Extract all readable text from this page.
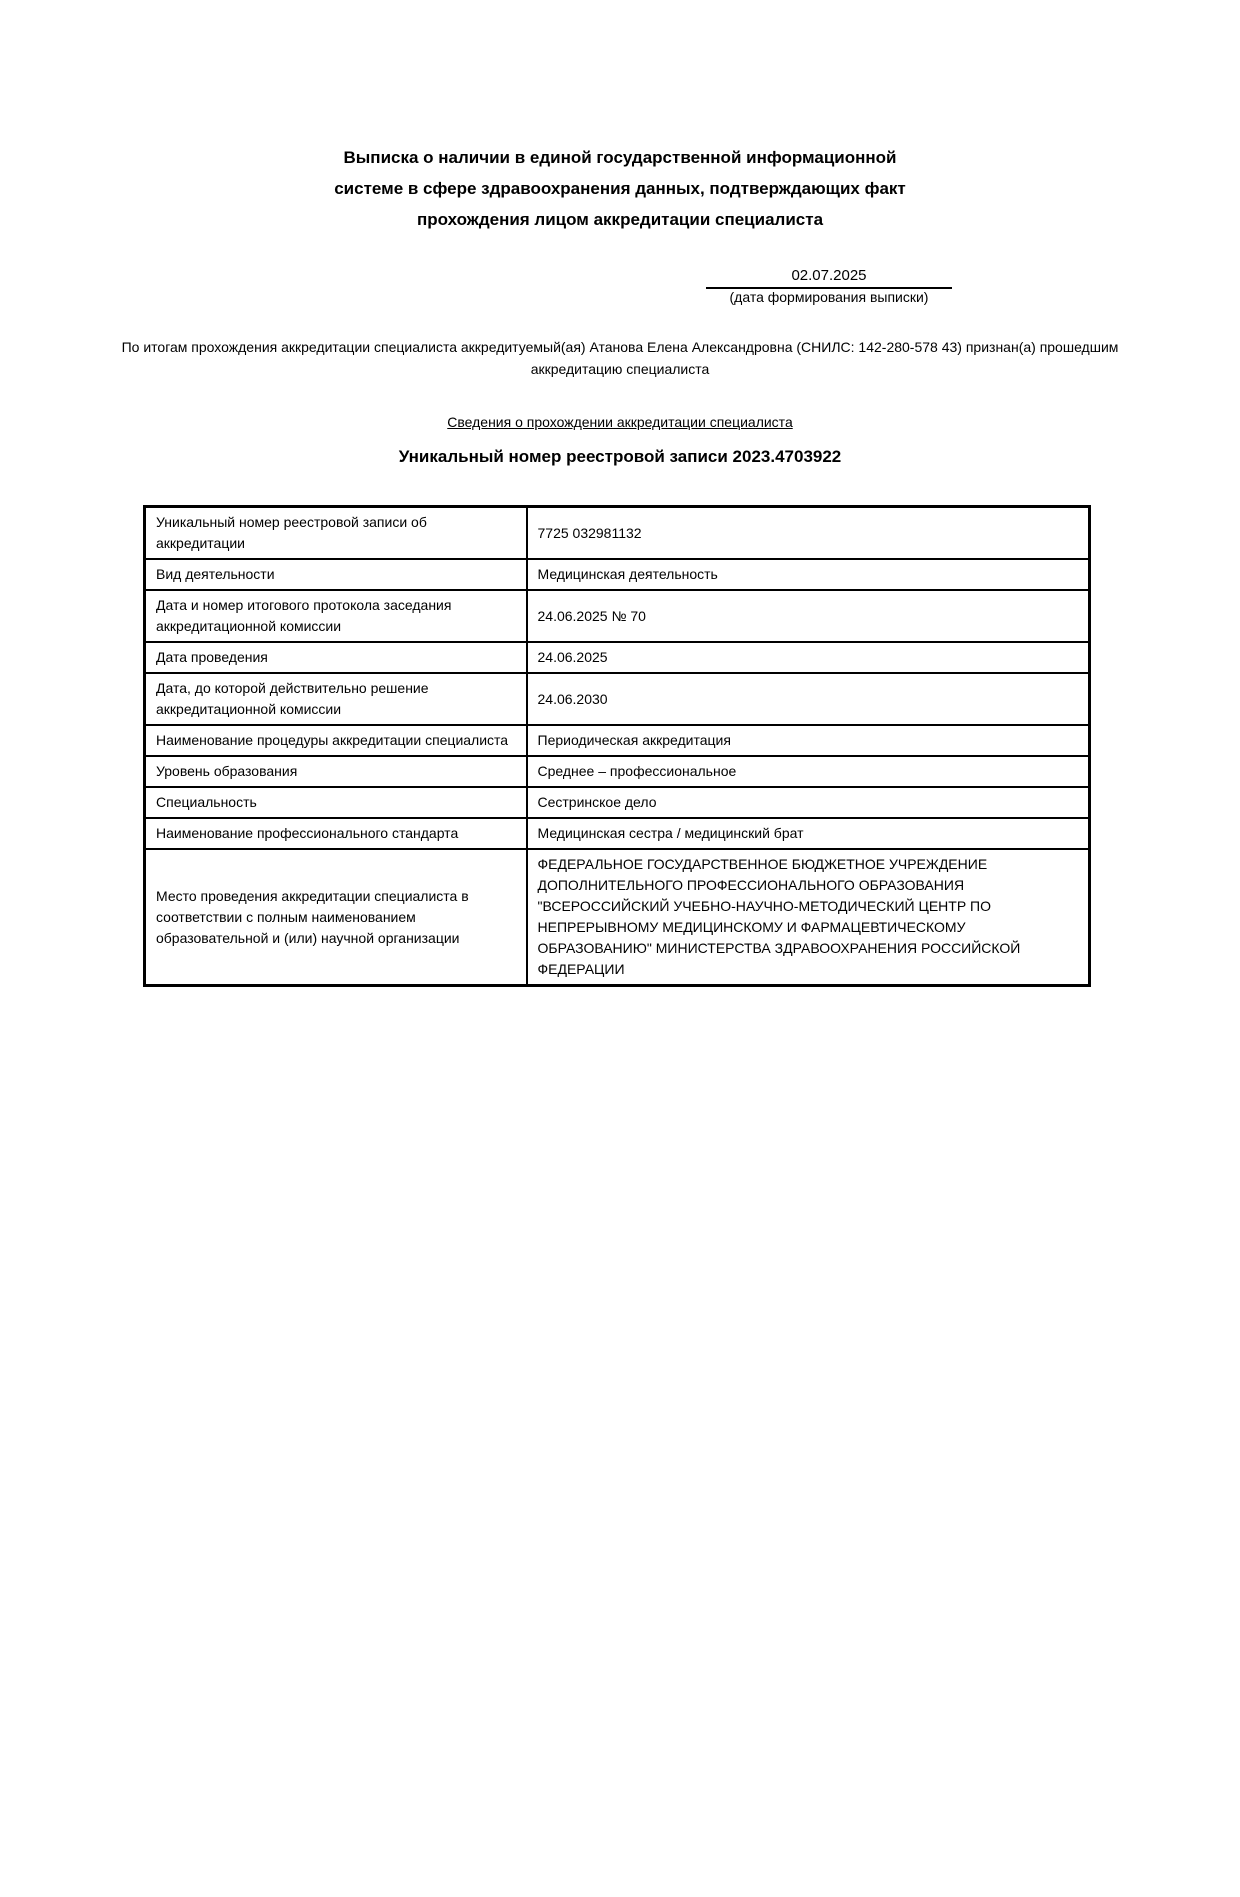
Выписка о наличии в единой государственной информационной системе в сфере здравоохранения данных, подтверждающих факт прохождения лицом аккредитации специалиста
02.07.2025
(дата формирования выписки)
По итогам прохождения аккредитации специалиста аккредитуемый(ая) Атанова Елена Александровна (СНИЛС: 142-280-578 43) признан(а) прошедшим аккредитацию специалиста
Сведения о прохождении аккредитации специалиста
Уникальный номер реестровой записи 2023.4703922
Уникальный номер реестровой записи об аккредитации	7725 032981132
Вид деятельности	Медицинская деятельность
Дата и номер итогового протокола заседания аккредитационной комиссии	24.06.2025 № 70
Дата проведения	24.06.2025
Дата, до которой действительно решение аккредитационной комиссии	24.06.2030
Наименование процедуры аккредитации специалиста	Периодическая аккредитация
Уровень образования	Среднее – профессиональное
Специальность	Сестринское дело
Наименование профессионального стандарта	Медицинская сестра / медицинский брат
Место проведения аккредитации специалиста в соответствии с полным наименованием образовательной и (или) научной организации	ФЕДЕРАЛЬНОЕ ГОСУДАРСТВЕННОЕ БЮДЖЕТНОЕ УЧРЕЖДЕНИЕ ДОПОЛНИТЕЛЬНОГО ПРОФЕССИОНАЛЬНОГО ОБРАЗОВАНИЯ "ВСЕРОССИЙСКИЙ УЧЕБНО-НАУЧНО-МЕТОДИЧЕСКИЙ ЦЕНТР ПО НЕПРЕРЫВНОМУ МЕДИЦИНСКОМУ И ФАРМАЦЕВТИЧЕСКОМУ ОБРАЗОВАНИЮ" МИНИСТЕРСТВА ЗДРАВООХРАНЕНИЯ РОССИЙСКОЙ ФЕДЕРАЦИИ
